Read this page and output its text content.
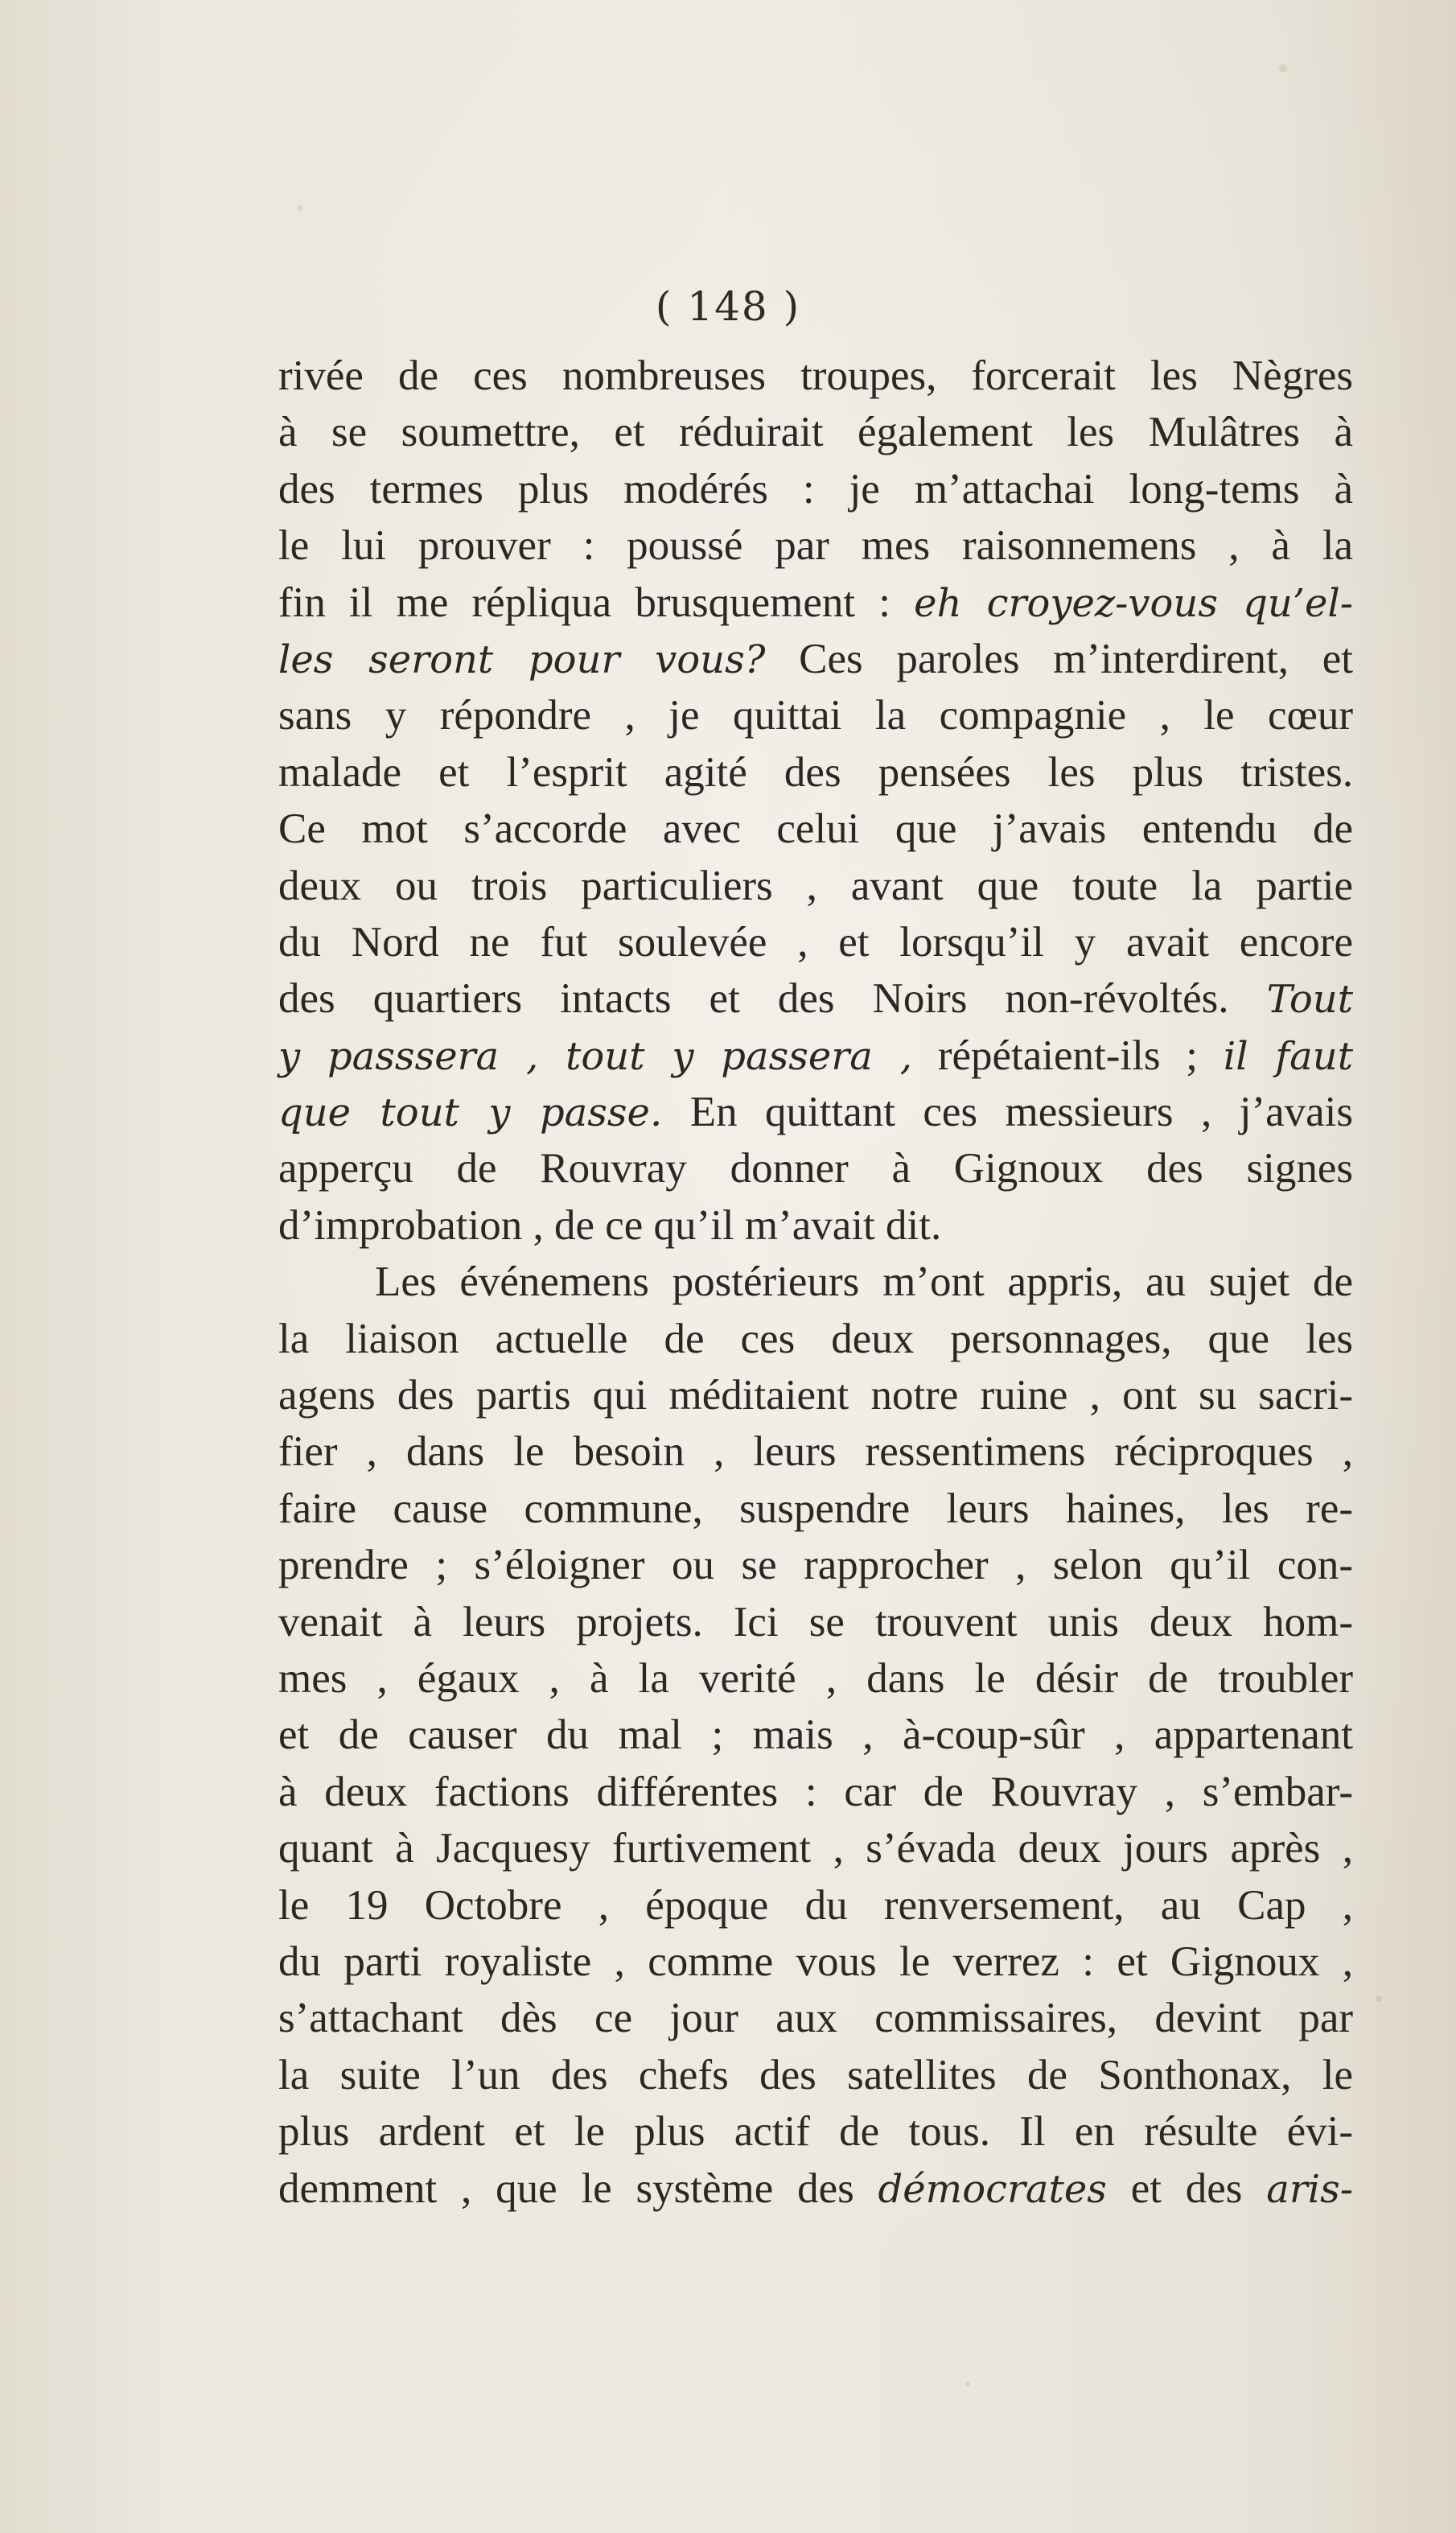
( 148 )

rivée de ces nombreuses troupes, forcerait les Nègres
à se soumettre, et réduirait également les Mulâtres à
des termes plus modérés : je m’attachai long-tems à
le lui prouver : poussé par mes raisonnemens , à la
fin il me répliqua brusquement : eh croyez-vous qu’el-
les seront pour vous? Ces paroles m’interdirent, et
sans y répondre , je quittai la compagnie , le cœur
malade et l’esprit agité des pensées les plus tristes.
Ce mot s’accorde avec celui que j’avais entendu de
deux ou trois particuliers , avant que toute la partie
du Nord ne fut soulevée , et lorsqu’il y avait encore
des quartiers intacts et des Noirs non-révoltés. Tout
y passsera , tout y passera , répétaient-ils ; il faut
que tout y passe. En quittant ces messieurs , j’avais
apperçu de Rouvray donner à Gignoux des signes
d’improbation , de ce qu’il m’avait dit.
Les événemens postérieurs m’ont appris, au sujet de
la liaison actuelle de ces deux personnages, que les
agens des partis qui méditaient notre ruine , ont su sacri-
fier , dans le besoin , leurs ressentimens réciproques ,
faire cause commune, suspendre leurs haines, les re-
prendre ; s’éloigner ou se rapprocher , selon qu’il con-
venait à leurs projets. Ici se trouvent unis deux hom-
mes , égaux , à la verité , dans le désir de troubler
et de causer du mal ; mais , à-coup-sûr , appartenant
à deux factions différentes : car de Rouvray , s’embar-
quant à Jacquesy furtivement , s’évada deux jours après ,
le 19 Octobre , époque du renversement, au Cap ,
du parti royaliste , comme vous le verrez : et Gignoux ,
s’attachant dès ce jour aux commissaires, devint par
la suite l’un des chefs des satellites de Sonthonax, le
plus ardent et le plus actif de tous. Il en résulte évi-
demment , que le système des démocrates et des aris-
